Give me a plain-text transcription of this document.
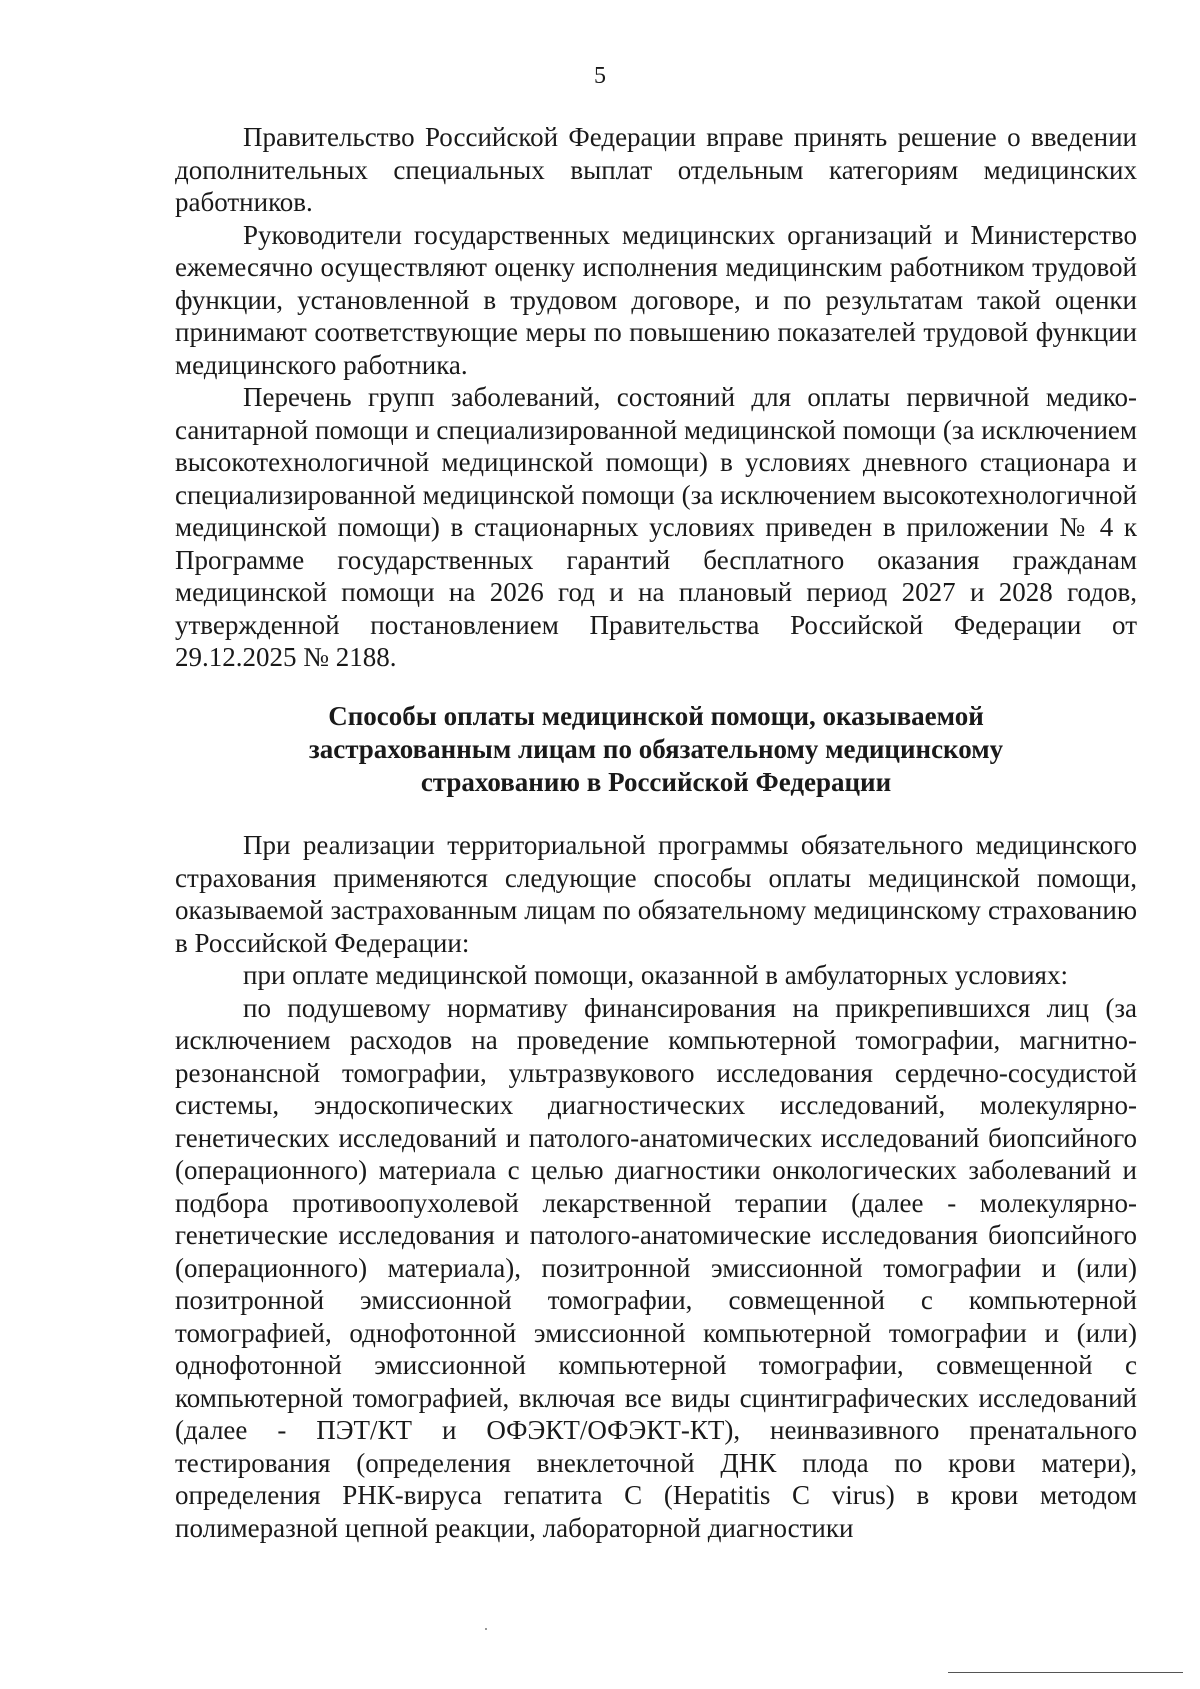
5

Правительство Российской Федерации вправе принять решение о введении дополнительных специальных выплат отдельным категориям медицинских работников.

Руководители государственных медицинских организаций и Министерство ежемесячно осуществляют оценку исполнения медицинским работником трудовой функции, установленной в трудовом договоре, и по результатам такой оценки принимают соответствующие меры по повышению показателей трудовой функции медицинского работника.

Перечень групп заболеваний, состояний для оплаты первичной медико-санитарной помощи и специализированной медицинской помощи (за исключением высокотехнологичной медицинской помощи) в условиях дневного стационара и специализированной медицинской помощи (за исключением высокотехнологичной медицинской помощи) в стационарных условиях приведен в приложении № 4 к Программе государственных гарантий бесплатного оказания гражданам медицинской помощи на 2026 год и на плановый период 2027 и 2028 годов, утвержденной постановлением Правительства Российской Федерации от 29.12.2025 № 2188.

Способы оплаты медицинской помощи, оказываемой
застрахованным лицам по обязательному медицинскому
страхованию в Российской Федерации

При реализации территориальной программы обязательного медицинского страхования применяются следующие способы оплаты медицинской помощи, оказываемой застрахованным лицам по обязательному медицинскому страхованию в Российской Федерации:

при оплате медицинской помощи, оказанной в амбулаторных условиях:

по подушевому нормативу финансирования на прикрепившихся лиц (за исключением расходов на проведение компьютерной томографии, магнитно-резонансной томографии, ультразвукового исследования сердечно-сосудистой системы, эндоскопических диагностических исследований, молекулярно-генетических исследований и патолого-анатомических исследований биопсийного (операционного) материала с целью диагностики онкологических заболеваний и подбора противоопухолевой лекарственной терапии (далее - молекулярно-генетические исследования и патолого-анатомические исследования биопсийного (операционного) материала), позитронной эмиссионной томографии и (или) позитронной эмиссионной томографии, совмещенной с компьютерной томографией, однофотонной эмиссионной компьютерной томографии и (или) однофотонной эмиссионной компьютерной томографии, совмещенной с компьютерной томографией, включая все виды сцинтиграфических исследований (далее - ПЭТ/КТ и ОФЭКТ/ОФЭКТ-КТ), неинвазивного пренатального тестирования (определения внеклеточной ДНК плода по крови матери), определения РНК-вируса гепатита С (Hepatitis C virus) в крови методом полимеразной цепной реакции, лабораторной диагностики
